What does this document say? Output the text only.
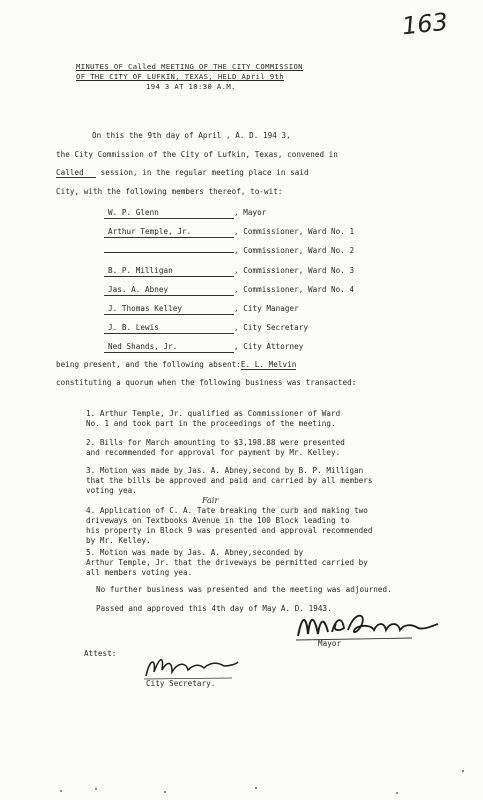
163
MINUTES OF Called MEETING OF THE CITY COMMISSION
OF THE CITY OF LUFKIN, TEXAS, HELD April 9th
194 3 AT 10:30 A.M.
On this the 9th day of April , A. D. 194 3,
the City Commission of the City of Lufkin, Texas, convened in
Called session, in the regular meeting place in said
City, with the following members thereof, to-wit:
W. P. Glenn	, Mayor
Arthur Temple, Jr.	, Commissioner, Ward No. 1
, Commissioner, Ward No. 2
B. P. Milligan	, Commissioner, Ward No. 3
Jas. A. Abney	, Commissioner, Ward No. 4
J. Thomas Kelley	, City Manager
J. B. Lewis	, City Secretary
Ned Shands, Jr.	, City Attorney
being present, and the following absent:E. L. Melvin
constituting a quorum when the following business was transacted:
1. Arthur Temple, Jr. qualified as Commissioner of Ward
No. 1 and took part in the proceedings of the meeting.
2. Bills for March amounting to $3,198.88 were presented
and recommended for approval for payment by Mr. Kelley.
3. Motion was made by Jas. A. Abney,second by B. P. Milligan
that the bills be approved and paid and carried by all members
voting yea.
Fair
4. Application of C. A. Tate breaking the curb and making two
driveways on Textbooks Avenue in the 100 Block leading to
his property in Block 9 was presented and approval recommended
by Mr. Kelley.
5. Motion was made by Jas. A. Abney,seconded by
Arthur Temple, Jr. that the driveways be permitted carried by
all members voting yea.
No further business was presented and the meeting was adjourned.
Passed and approved this 4th day of May A. D. 1943.
Mayor
Attest:
City Secretary.
